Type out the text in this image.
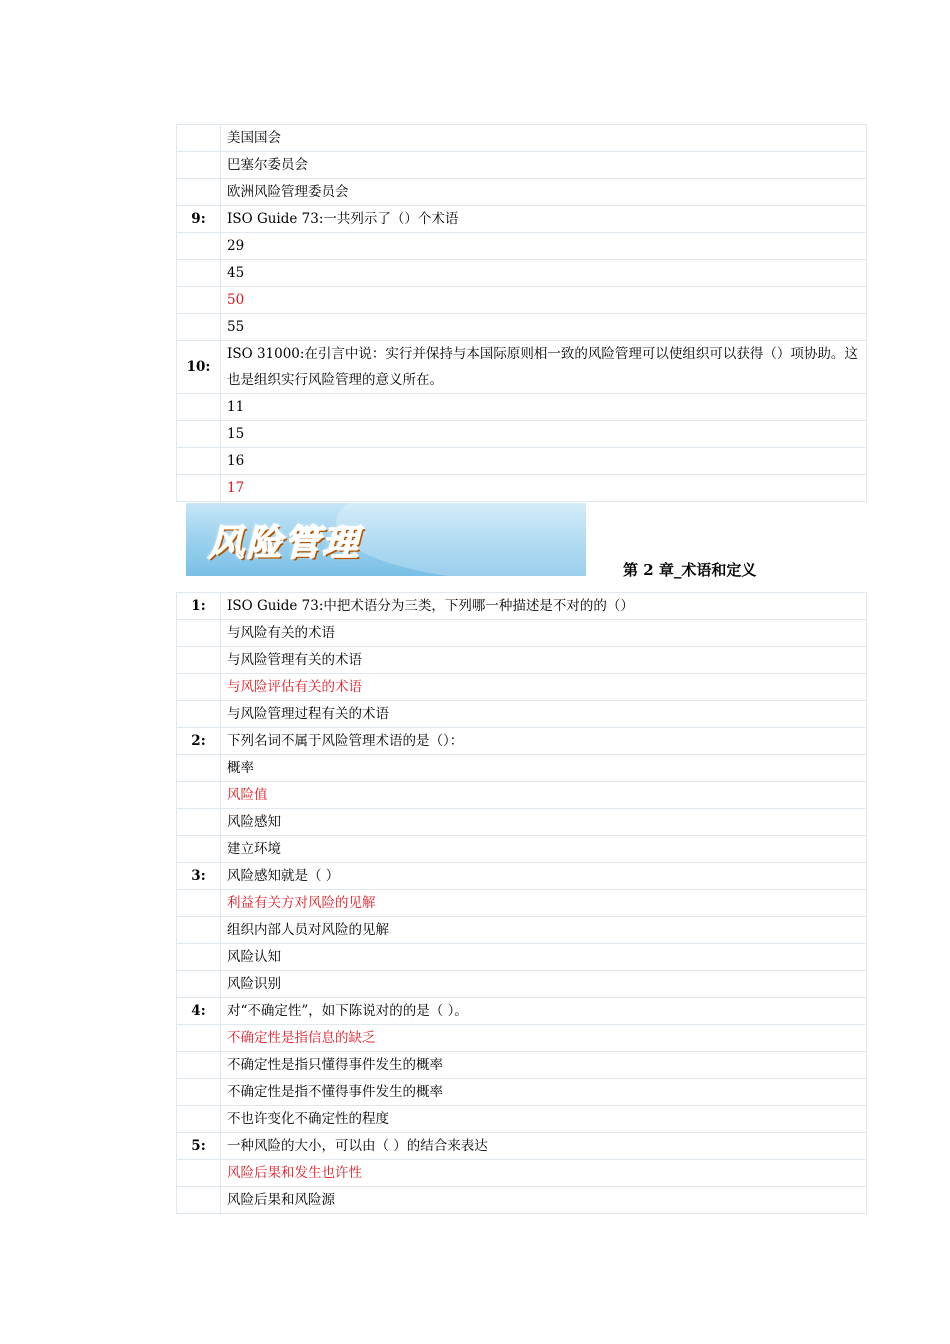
	美国国会
	巴塞尔委员会
	欧洲风险管理委员会
9:	ISO Guide 73:一共列示了（）个术语
	29
	45
	50
	55
10:	ISO 31000:在引言中说：实行并保持与本国际原则相一致的风险管理可以使组织可以获得（）项协助。这也是组织实行风险管理的意义所在。
	11
	15
	16
	17
风险管理
第 2 章_术语和定义
1:	ISO Guide 73:中把术语分为三类，下列哪一种描述是不对的的（）
	与风险有关的术语
	与风险管理有关的术语
	与风险评估有关的术语
	与风险管理过程有关的术语
2:	下列名词不属于风险管理术语的是（）：
	概率
	风险值
	风险感知
	建立环境
3:	风险感知就是（ ）
	利益有关方对风险的见解
	组织内部人员对风险的见解
	风险认知
	风险识别
4:	对“不确定性”，如下陈说对的的是（ ）。
	不确定性是指信息的缺乏
	不确定性是指只懂得事件发生的概率
	不确定性是指不懂得事件发生的概率
	不也许变化不确定性的程度
5:	一种风险的大小，可以由（ ）的结合来表达
	风险后果和发生也许性
	风险后果和风险源
